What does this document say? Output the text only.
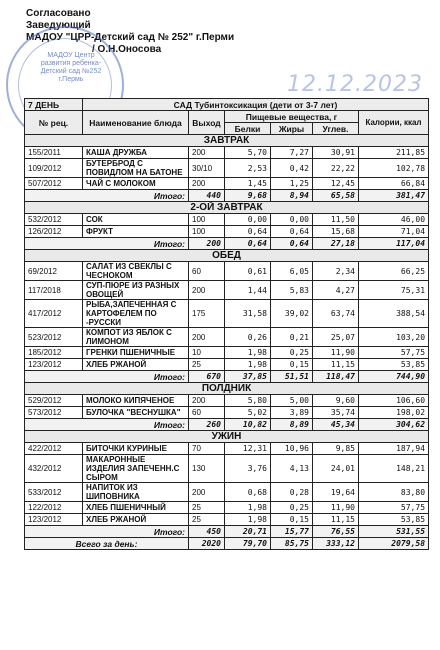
Согласовано
Заведующий
МАДОУ "ЦРР-Детский сад № 252" г.Перми
/ О.Н.Оносова
МАДОУ Центр развития ребенка-Детский сад №252 г.Пермь	12.12.2023
7 ДЕНЬ	САД Тубинтоксикация (дети от 3-7 лет)					
№ рец.	Наименование блюда	Выход	Пищевые вещества, г			Калории, ккал
			Белки	Жиры	Углев.	
ЗАВТРАК						
155/2011	КАША ДРУЖБА	200	5,70	7,27	30,91	211,85
109/2012	БУТЕРБРОД С ПОВИДЛОМ НА БАТОНЕ	30/10	2,53	0,42	22,22	102,78
507/2012	ЧАЙ С МОЛОКОМ	200	1,45	1,25	12,45	66,84
Итого:		440	9,68	8,94	65,58	381,47
2-ОЙ ЗАВТРАК						
532/2012	СОК	100	0,00	0,00	11,50	46,00
126/2012	ФРУКТ	100	0,64	0,64	15,68	71,04
Итого:		200	0,64	0,64	27,18	117,04
ОБЕД						
69/2012	САЛАТ ИЗ СВЕКЛЫ С ЧЕСНОКОМ	60	0,61	6,05	2,34	66,25
117/2018	СУП-ПЮРЕ ИЗ РАЗНЫХ ОВОЩЕЙ	200	1,44	5,83	4,27	75,31
417/2012	РЫБА,ЗАПЕЧЕННАЯ С КАРТОФЕЛЕМ ПО -РУССКИ	175	31,58	39,02	63,74	388,54
523/2012	КОМПОТ ИЗ ЯБЛОК С ЛИМОНОМ	200	0,26	0,21	25,07	103,20
185/2012	ГРЕНКИ ПШЕНИЧНЫЕ	10	1,98	0,25	11,90	57,75
123/2012	ХЛЕБ РЖАНОЙ	25	1,98	0,15	11,15	53,85
Итого:		670	37,85	51,51	118,47	744,90
ПОЛДНИК						
529/2012	МОЛОКО КИПЯЧЕНОЕ	200	5,80	5,00	9,60	106,60
573/2012	БУЛОЧКА "ВЕСНУШКА"	60	5,02	3,89	35,74	198,02
Итого:		260	10,82	8,89	45,34	304,62
УЖИН						
422/2012	БИТОЧКИ КУРИНЫЕ	70	12,31	10,96	9,85	187,94
432/2012	МАКАРОННЫЕ ИЗДЕЛИЯ ЗАПЕЧЕНН.С СЫРОМ	130	3,76	4,13	24,01	148,21
533/2012	НАПИТОК ИЗ ШИПОВНИКА	200	0,68	0,28	19,64	83,80
122/2012	ХЛЕБ ПШЕНИЧНЫЙ	25	1,98	0,25	11,90	57,75
123/2012	ХЛЕБ РЖАНОЙ	25	1,98	0,15	11,15	53,85
Итого:		450	20,71	15,77	76,55	531,55
Всего за день:		2020	79,70	85,75	333,12	2079,58
